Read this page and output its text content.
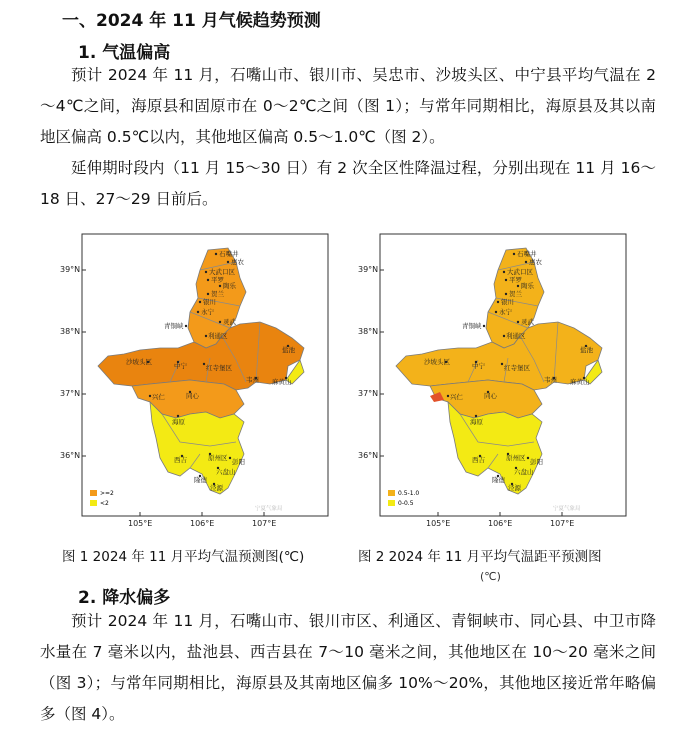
一、2024 年 11 月气候趋势预测
1. 气温偏高

预计 2024 年 11 月，石嘴山市、银川市、吴忠市、沙坡头区、中宁县平均气温在 2～4℃之间，海原县和固原市在 0～2℃之间（图 1）；与常年同期相比，海原县及其以南地区偏高 0.5℃以内，其他地区偏高 0.5～1.0℃（图 2）。

延伸期时段内（11 月 15～30 日）有 2 次全区性降温过程，分别出现在 11 月 16～18 日、27～29 日前后。

石嘴井
惠农
大武口区
平罗
陶乐
银川
贺兰
永宁
灵武
青铜峡
利通区
盐池
沙坡头区	中宁	红寺堡区
韦州 麻黄山
同心
兴仁
海原
西吉	原州区 彭阳
六盘山
隆德
泾源
>=2
<2
宁夏气象局
39°N
38°N
37°N
36°N
105°E	106°E	107°E
石嘴井
惠农
大武口区
平罗
陶乐
银川
贺兰
永宁
灵武
青铜峡
利通区
盐池
沙坡头区	中宁	红寺堡区
韦州 麻黄山
同心
兴仁
海原
西吉	原州区 彭阳
六盘山
隆德
泾源
0.5-1.0
0-0.5
宁夏气象局
39°N
38°N
37°N
36°N
105°E	106°E	107°E
图 1 2024 年 11 月平均气温预测图(℃)	图 2 2024 年 11 月平均气温距平预测图
(℃)
2. 降水偏多

预计 2024 年 11 月，石嘴山市、银川市区、利通区、青铜峡市、同心县、中卫市降水量在 7 毫米以内，盐池县、西吉县在 7～10 毫米之间，其他地区在 10～20 毫米之间（图 3）；与常年同期相比，海原县及其南地区偏多 10%～20%，其他地区接近常年略偏多（图 4）。
